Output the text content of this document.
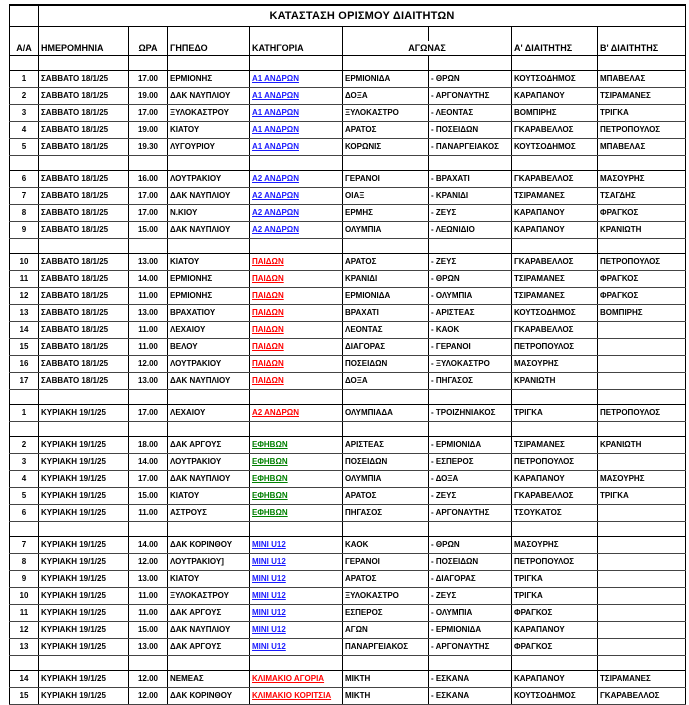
	ΚΑΤΑΣΤΑΣΗ ΟΡΙΣΜΟΥ ΔΙΑΙΤΗΤΩΝ							

Α/Α	ΗΜΕΡΟΜΗΝΙΑ	ΩΡΑ	ΓΗΠΕΔΟ	ΚΑΤΗΓΟΡΙΑ	ΑΓΩΝΑΣ		Α' ΔΙΑΙΤΗΤΗΣ	Β' ΔΙΑΙΤΗΤΗΣ

1	ΣΑΒΒΑΤΟ 18/1/25	17.00	ΕΡΜΙΟΝΗΣ	Α1 ΑΝΔΡΩΝ	ΕΡΜΙΟΝΙΔΑ	- ΘΡΩΝ	ΚΟΥΤΣΟΔΗΜΟΣ	ΜΠΑΒΕΛΑΣ
2	ΣΑΒΒΑΤΟ 18/1/25	19.00	ΔΑΚ ΝΑΥΠΛΙΟΥ	Α1 ΑΝΔΡΩΝ	ΔΟΞΑ	- ΑΡΓΟΝΑΥΤΗΣ	ΚΑΡΑΠΑΝΟΥ	ΤΣΙΡΑΜΑΝΕΣ
3	ΣΑΒΒΑΤΟ 18/1/25	17.00	ΞΥΛΟΚΑΣΤΡΟΥ	Α1 ΑΝΔΡΩΝ	ΞΥΛΟΚΑΣΤΡΟ	- ΛΕΟΝΤΑΣ	ΒΟΜΠΙΡΗΣ	ΤΡΙΓΚΑ
4	ΣΑΒΒΑΤΟ 18/1/25	19.00	ΚΙΑΤΟΥ	Α1 ΑΝΔΡΩΝ	ΑΡΑΤΟΣ	- ΠΟΣΕΙΔΩΝ	ΓΚΑΡΑΒΕΛΛΟΣ	ΠΕΤΡΟΠΟΥΛΟΣ
5	ΣΑΒΒΑΤΟ 18/1/25	19.30	ΛΥΓΟΥΡΙΟΥ	Α1 ΑΝΔΡΩΝ	ΚΟΡΩΝΙΣ	- ΠΑΝΑΡΓΕΙΑΚΟΣ	ΚΟΥΤΣΟΔΗΜΟΣ	ΜΠΑΒΕΛΑΣ

6	ΣΑΒΒΑΤΟ 18/1/25	16.00	ΛΟΥΤΡΑΚΙΟΥ	Α2 ΑΝΔΡΩΝ	ΓΕΡΑΝΟΙ	- ΒΡΑΧΑΤΙ	ΓΚΑΡΑΒΕΛΛΟΣ	ΜΑΣΟΥΡΗΣ
7	ΣΑΒΒΑΤΟ 18/1/25	17.00	ΔΑΚ ΝΑΥΠΛΙΟΥ	Α2 ΑΝΔΡΩΝ	ΟΙΑΞ	- ΚΡΑΝΙΔΙ	ΤΣΙΡΑΜΑΝΕΣ	ΤΣΑΓΔΗΣ
8	ΣΑΒΒΑΤΟ 18/1/25	17.00	Ν.ΚΙΟΥ	Α2 ΑΝΔΡΩΝ	ΕΡΜΗΣ	- ΖΕΥΣ	ΚΑΡΑΠΑΝΟΥ	ΦΡΑΓΚΟΣ
9	ΣΑΒΒΑΤΟ 18/1/25	15.00	ΔΑΚ ΝΑΥΠΛΙΟΥ	Α2 ΑΝΔΡΩΝ	ΟΛΥΜΠΙΑ	- ΛΕΩΝΙΔΙΟ	ΚΑΡΑΠΑΝΟΥ	ΚΡΑΝΙΩΤΗ

10	ΣΑΒΒΑΤΟ 18/1/25	13.00	ΚΙΑΤΟΥ	ΠΑΙΔΩΝ	ΑΡΑΤΟΣ	- ΖΕΥΣ	ΓΚΑΡΑΒΕΛΛΟΣ	ΠΕΤΡΟΠΟΥΛΟΣ
11	ΣΑΒΒΑΤΟ 18/1/25	14.00	ΕΡΜΙΟΝΗΣ	ΠΑΙΔΩΝ	ΚΡΑΝΙΔΙ	- ΘΡΩΝ	ΤΣΙΡΑΜΑΝΕΣ	ΦΡΑΓΚΟΣ
12	ΣΑΒΒΑΤΟ 18/1/25	11.00	ΕΡΜΙΟΝΗΣ	ΠΑΙΔΩΝ	ΕΡΜΙΟΝΙΔΑ	- ΟΛΥΜΠΙΑ	ΤΣΙΡΑΜΑΝΕΣ	ΦΡΑΓΚΟΣ
13	ΣΑΒΒΑΤΟ 18/1/25	13.00	ΒΡΑΧΑΤΙΟΥ	ΠΑΙΔΩΝ	ΒΡΑΧΑΤΙ	- ΑΡΙΣΤΕΑΣ	ΚΟΥΤΣΟΔΗΜΟΣ	ΒΟΜΠΙΡΗΣ
14	ΣΑΒΒΑΤΟ 18/1/25	11.00	ΛΕΧΑΙΟΥ	ΠΑΙΔΩΝ	ΛΕΟΝΤΑΣ	- ΚΑΟΚ	ΓΚΑΡΑΒΕΛΛΟΣ	
15	ΣΑΒΒΑΤΟ 18/1/25	11.00	ΒΕΛΟΥ	ΠΑΙΔΩΝ	ΔΙΑΓΟΡΑΣ	- ΓΕΡΑΝΟΙ	ΠΕΤΡΟΠΟΥΛΟΣ	
16	ΣΑΒΒΑΤΟ 18/1/25	12.00	ΛΟΥΤΡΑΚΙΟΥ	ΠΑΙΔΩΝ	ΠΟΣΕΙΔΩΝ	- ΞΥΛΟΚΑΣΤΡΟ	ΜΑΣΟΥΡΗΣ	
17	ΣΑΒΒΑΤΟ 18/1/25	13.00	ΔΑΚ ΝΑΥΠΛΙΟΥ	ΠΑΙΔΩΝ	ΔΟΞΑ	- ΠΗΓΑΣΟΣ	ΚΡΑΝΙΩΤΗ	

1	ΚΥΡΙΑΚΗ 19/1/25	17.00	ΛΕΧΑΙΟΥ	Α2 ΑΝΔΡΩΝ	ΟΛΥΜΠΙΑΔΑ	- ΤΡΟΙΖΗΝΙΑΚΟΣ	ΤΡΙΓΚΑ	ΠΕΤΡΟΠΟΥΛΟΣ

2	ΚΥΡΙΑΚΗ 19/1/25	18.00	ΔΑΚ ΑΡΓΟΥΣ	ΕΦΗΒΩΝ	ΑΡΙΣΤΕΑΣ	- ΕΡΜΙΟΝΙΔΑ	ΤΣΙΡΑΜΑΝΕΣ	ΚΡΑΝΙΩΤΗ
3	ΚΥΡΙΑΚΗ 19/1/25	14.00	ΛΟΥΤΡΑΚΙΟΥ	ΕΦΗΒΩΝ	ΠΟΣΕΙΔΩΝ	- ΕΣΠΕΡΟΣ	ΠΕΤΡΟΠΟΥΛΟΣ	
4	ΚΥΡΙΑΚΗ 19/1/25	17.00	ΔΑΚ ΝΑΥΠΛΙΟΥ	ΕΦΗΒΩΝ	ΟΛΥΜΠΙΑ	- ΔΟΞΑ	ΚΑΡΑΠΑΝΟΥ	ΜΑΣΟΥΡΗΣ
5	ΚΥΡΙΑΚΗ 19/1/25	15.00	ΚΙΑΤΟΥ	ΕΦΗΒΩΝ	ΑΡΑΤΟΣ	- ΖΕΥΣ	ΓΚΑΡΑΒΕΛΛΟΣ	ΤΡΙΓΚΑ
6	ΚΥΡΙΑΚΗ 19/1/25	11.00	ΑΣΤΡΟΥΣ	ΕΦΗΒΩΝ	ΠΗΓΑΣΟΣ	- ΑΡΓΟΝΑΥΤΗΣ	ΤΣΟΥΚΑΤΟΣ	

7	ΚΥΡΙΑΚΗ 19/1/25	14.00	ΔΑΚ ΚΟΡΙΝΘΟΥ	MINI U12	ΚΑΟΚ	- ΘΡΩΝ	ΜΑΣΟΥΡΗΣ	
8	ΚΥΡΙΑΚΗ 19/1/25	12.00	ΛΟΥΤΡΑΚΙΟΥ]	MINI U12	ΓΕΡΑΝΟΙ	- ΠΟΣΕΙΔΩΝ	ΠΕΤΡΟΠΟΥΛΟΣ	
9	ΚΥΡΙΑΚΗ 19/1/25	13.00	ΚΙΑΤΟΥ	MINI U12	ΑΡΑΤΟΣ	- ΔΙΑΓΟΡΑΣ	ΤΡΙΓΚΑ	
10	ΚΥΡΙΑΚΗ 19/1/25	11.00	ΞΥΛΟΚΑΣΤΡΟΥ	MINI U12	ΞΥΛΟΚΑΣΤΡΟ	- ΖΕΥΣ	ΤΡΙΓΚΑ	
11	ΚΥΡΙΑΚΗ 19/1/25	11.00	ΔΑΚ ΑΡΓΟΥΣ	MINI U12	ΕΣΠΕΡΟΣ	- ΟΛΥΜΠΙΑ	ΦΡΑΓΚΟΣ	
12	ΚΥΡΙΑΚΗ 19/1/25	15.00	ΔΑΚ ΝΑΥΠΛΙΟΥ	MINI U12	ΑΓΩΝ	- ΕΡΜΙΟΝΙΔΑ	ΚΑΡΑΠΑΝΟΥ	
13	ΚΥΡΙΑΚΗ 19/1/25	13.00	ΔΑΚ ΑΡΓΟΥΣ	MINI U12	ΠΑΝΑΡΓΕΙΑΚΟΣ	- ΑΡΓΟΝΑΥΤΗΣ	ΦΡΑΓΚΟΣ	

14	ΚΥΡΙΑΚΗ 19/1/25	12.00	ΝΕΜΕΑΣ	ΚΛΙΜΑΚΙΟ ΑΓΟΡΙΑ	ΜΙΚΤΗ	- ΕΣΚΑΝΑ	ΚΑΡΑΠΑΝΟΥ	ΤΣΙΡΑΜΑΝΕΣ
15	ΚΥΡΙΑΚΗ 19/1/25	12.00	ΔΑΚ ΚΟΡΙΝΘΟΥ	ΚΛΙΜΑΚΙΟ ΚΟΡΙΤΣΙΑ	ΜΙΚΤΗ	- ΕΣΚΑΝΑ	ΚΟΥΤΣΟΔΗΜΟΣ	ΓΚΑΡΑΒΕΛΛΟΣ
